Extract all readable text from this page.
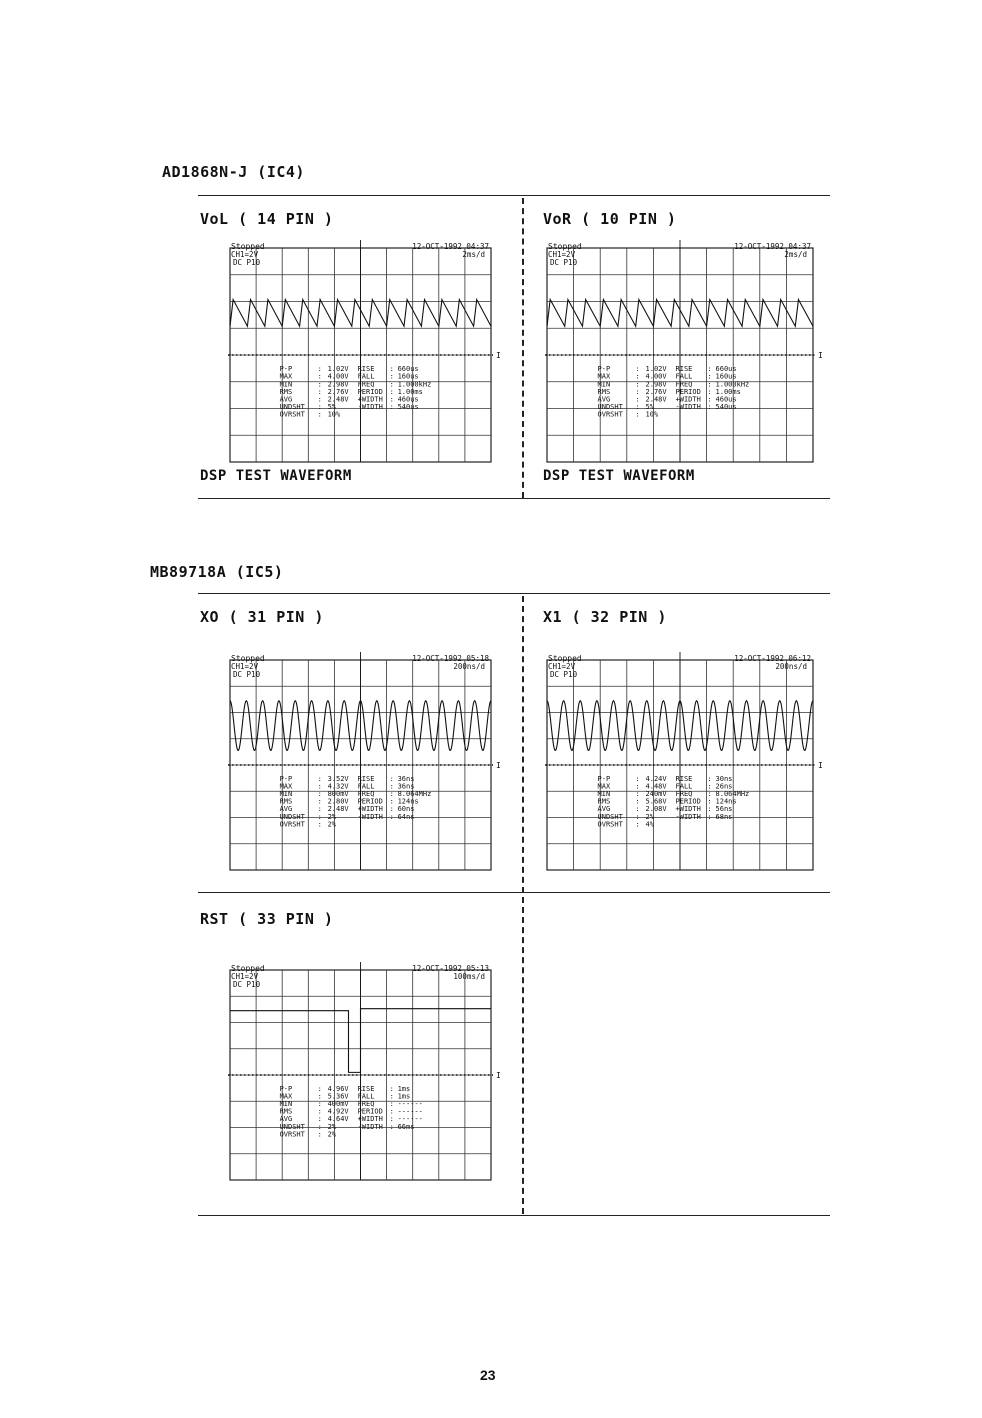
AD1868N-J (IC4)
VoL ( 14 PIN )	VoR ( 10 PIN )
I
Stopped
CH1=2V
DC P10
12-OCT-1992 04:37
2ms/d
P-P	: 1.02V RISE : 660us
MAX	: 4.00V FALL : 160us
MIN	: 2.98V FREQ : 1.000kHz
RMS	: 2.76V PERIOD : 1.00ms
AVG	: 2.48V +WIDTH : 460us
UNDSHT : 5%	-WIDTH : 540us
OVRSHT : 10%
I
Stopped
CH1=2V
DC P10
12-OCT-1992 04:37
2ms/d
P-P	: 1.02V RISE : 660us
MAX	: 4.00V FALL : 160us
MIN	: 2.98V FREQ : 1.000kHz
RMS	: 2.76V PERIOD : 1.00ms
AVG	: 2.48V +WIDTH : 460us
UNDSHT : 5%	-WIDTH : 540us
OVRSHT : 10%
DSP TEST WAVEFORM	DSP TEST WAVEFORM
MB89718A (IC5)
XO ( 31 PIN )	X1 ( 32 PIN )
I
Stopped
CH1=2V
DC P10
12-OCT-1992 05:18
200ns/d
P-P	: 3.52V RISE : 36ns
MAX	: 4.32V FALL : 36ns
MIN	: 800mV FREQ : 8.064MHz
RMS	: 2.80V PERIOD : 124ns
AVG	: 2.48V +WIDTH : 60ns
UNDSHT : 2%	-WIDTH : 64ns
OVRSHT : 2%
I
Stopped
CH1=2V
DC P10
12-OCT-1992 06:12
200ns/d
P-P	: 4.24V RISE : 30ns
MAX	: 4.48V FALL : 26ns
MIN	: 240mV FREQ : 8.064MHz
RMS	: 5.68V PERIOD : 124ns
AVG	: 2.08V +WIDTH : 56ns
UNDSHT : 2%	-WIDTH : 68ns
OVRSHT : 4%
RST ( 33 PIN )
I
Stopped
CH1=2V
DC P10
12-OCT-1992 05:13
100ms/d
P-P	: 4.96V RISE : 1ms
MAX	: 5.36V FALL : 1ms
MIN	: 400mV FREQ : ------
RMS	: 4.92V PERIOD : ------
AVG	: 4.64V +WIDTH : ------
UNDSHT : 2%	-WIDTH : 66ms
OVRSHT : 2%
23
